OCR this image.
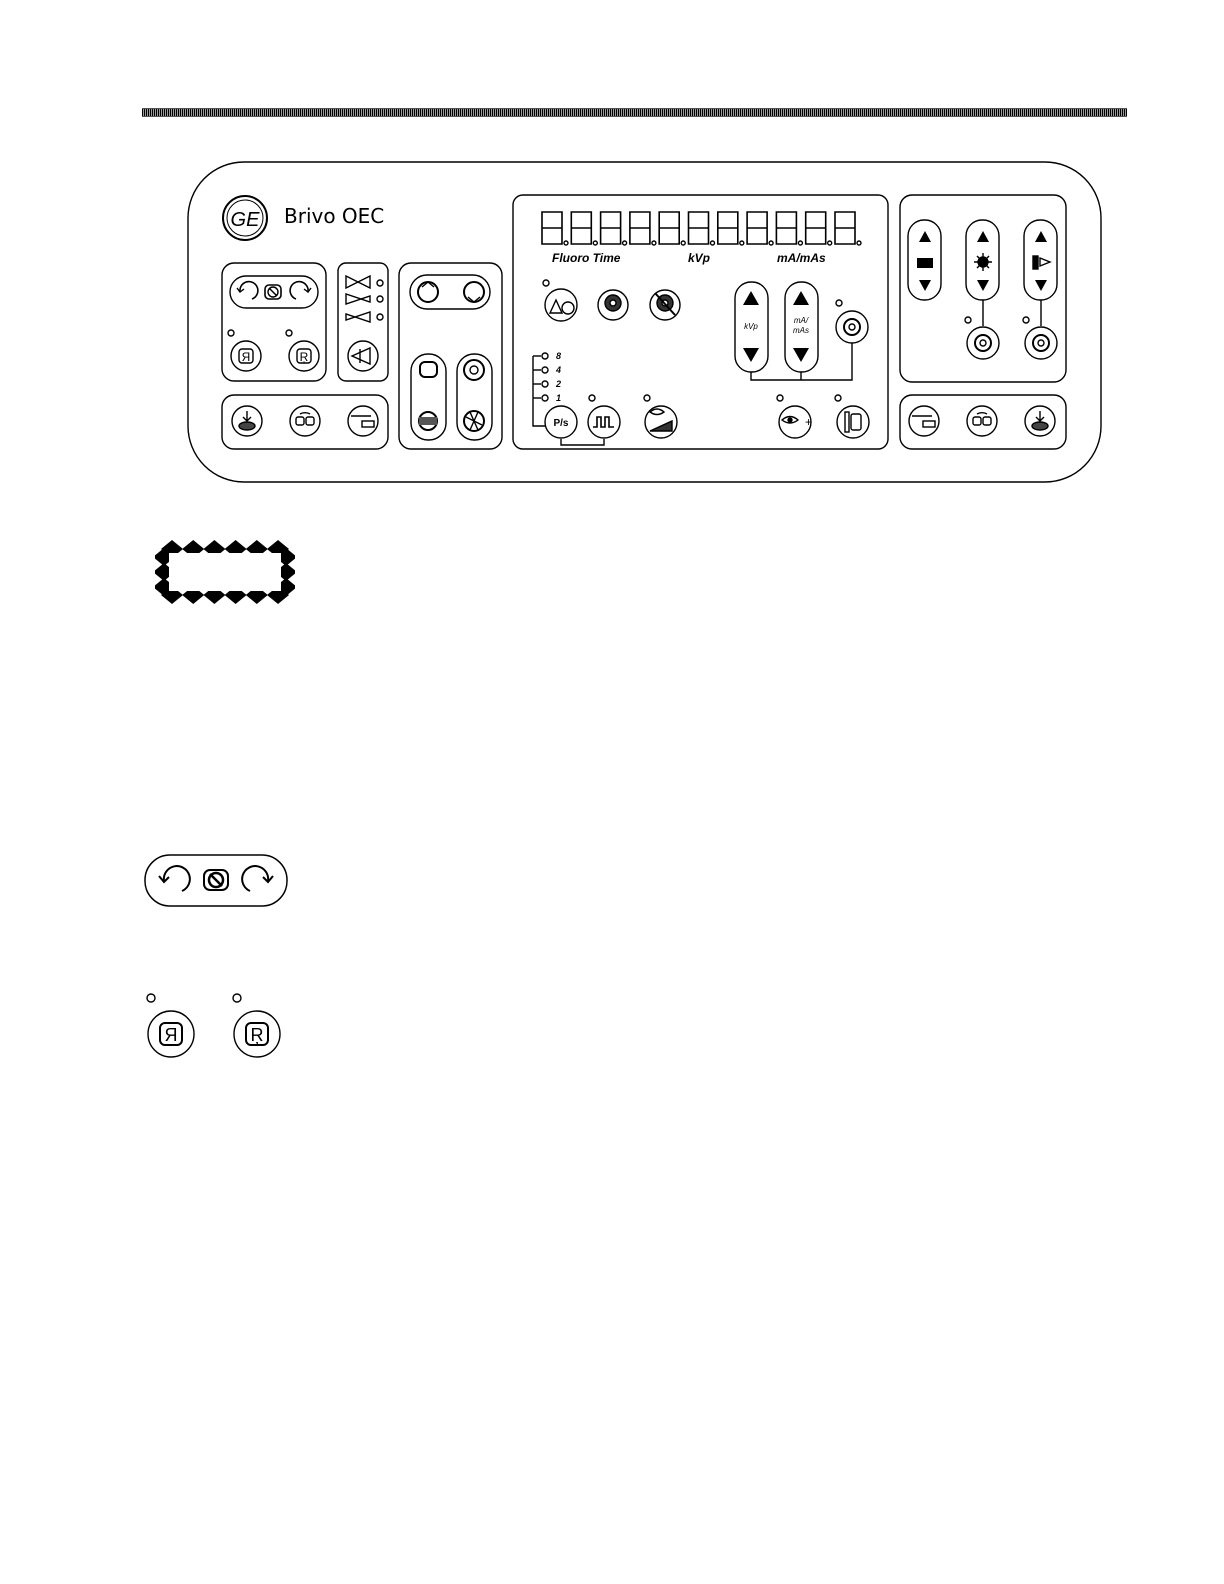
GE
Я	Ŗ
+
Brivo OEC
Fluoro Time	kVp	mA/mAs
kVp
mA/
mAs
8
4
2
1
P/s
Я	Ŗ
